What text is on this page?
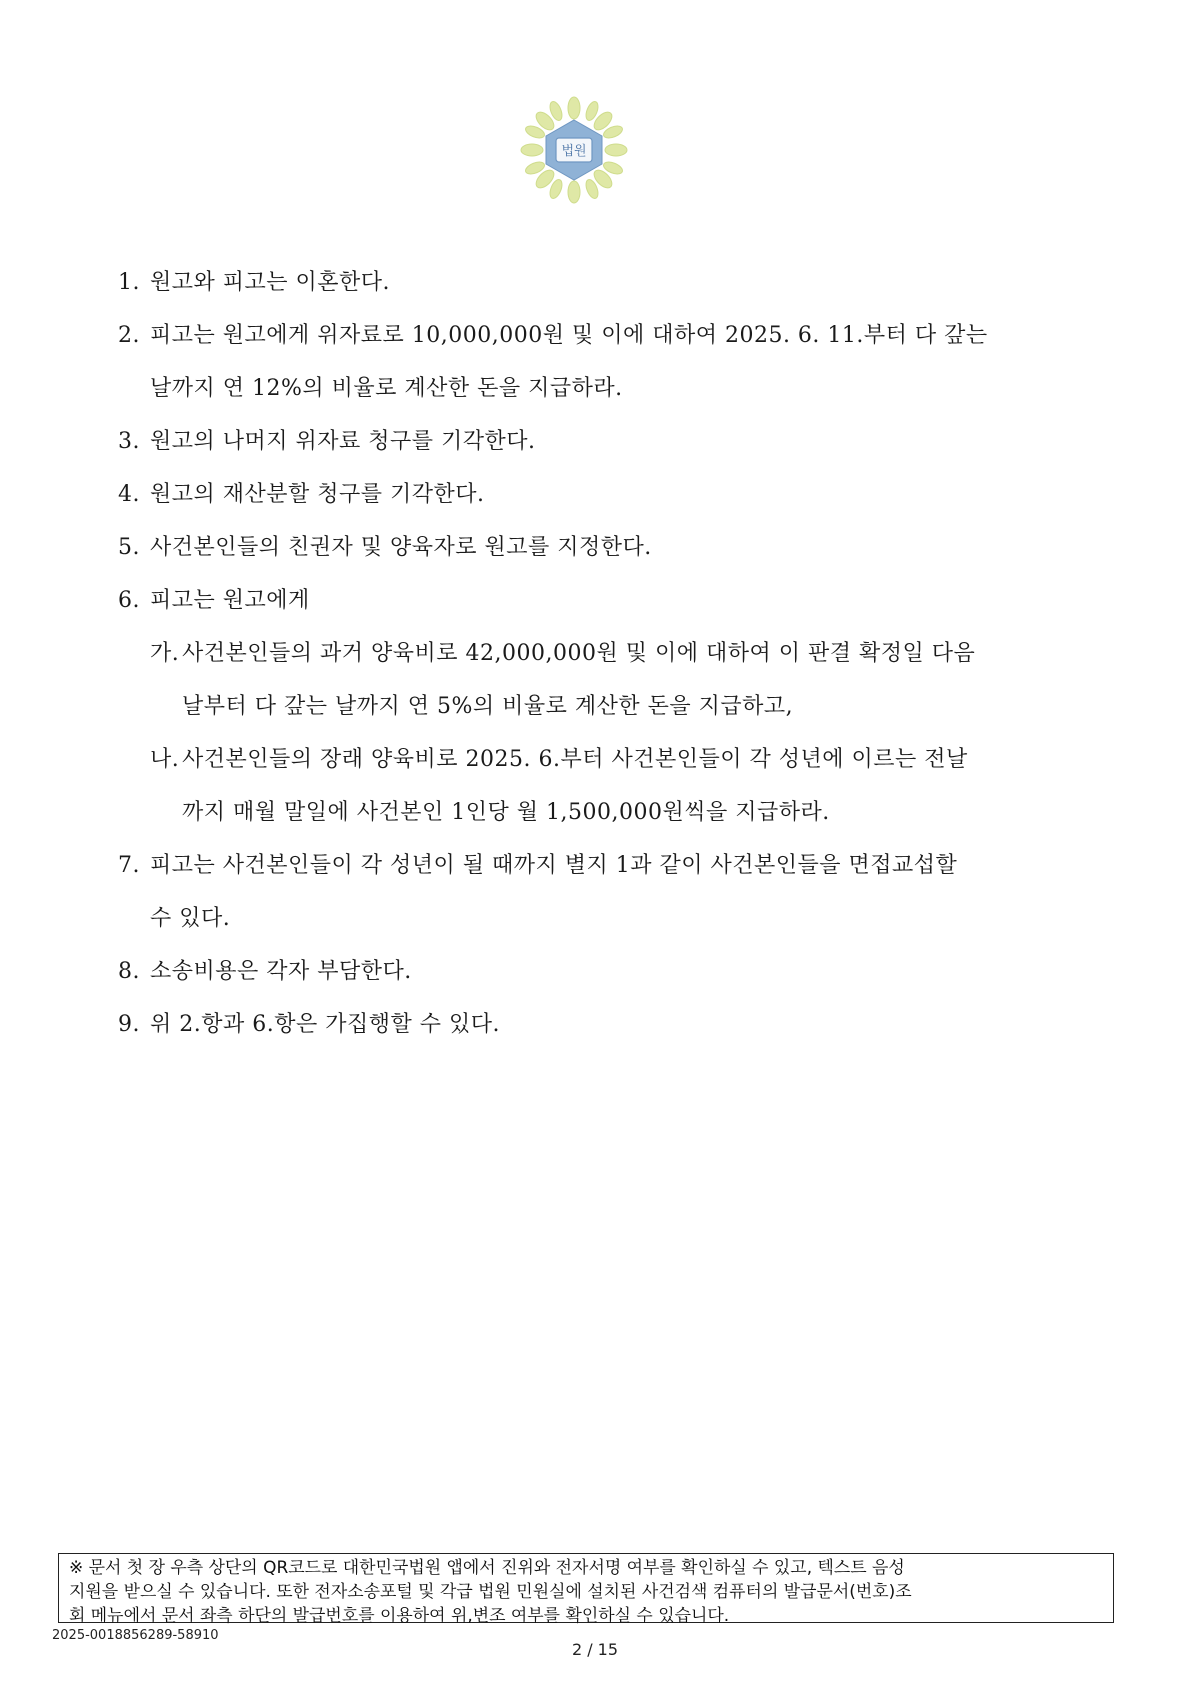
법원
1. 원고와 피고는 이혼한다.
2. 피고는 원고에게 위자료로 10,000,000원 및 이에 대하여 2025. 6. 11.부터 다 갚는
날까지 연 12%의 비율로 계산한 돈을 지급하라.
3. 원고의 나머지 위자료 청구를 기각한다.
4. 원고의 재산분할 청구를 기각한다.
5. 사건본인들의 친권자 및 양육자로 원고를 지정한다.
6. 피고는 원고에게
가. 사건본인들의 과거 양육비로 42,000,000원 및 이에 대하여 이 판결 확정일 다음
날부터 다 갚는 날까지 연 5%의 비율로 계산한 돈을 지급하고,
나. 사건본인들의 장래 양육비로 2025. 6.부터 사건본인들이 각 성년에 이르는 전날
까지 매월 말일에 사건본인 1인당 월 1,500,000원씩을 지급하라.
7. 피고는 사건본인들이 각 성년이 될 때까지 별지 1과 같이 사건본인들을 면접교섭할
수 있다.
8. 소송비용은 각자 부담한다.
9. 위 2.항과 6.항은 가집행할 수 있다.
※ 문서 첫 장 우측 상단의 QR코드로 대한민국법원 앱에서 진위와 전자서명 여부를 확인하실 수 있고, 텍스트 음성
지원을 받으실 수 있습니다. 또한 전자소송포털 및 각급 법원 민원실에 설치된 사건검색 컴퓨터의 발급문서(번호)조
회 메뉴에서 문서 좌측 하단의 발급번호를 이용하여 위,변조 여부를 확인하실 수 있습니다.
2025-0018856289-58910
2 / 15
